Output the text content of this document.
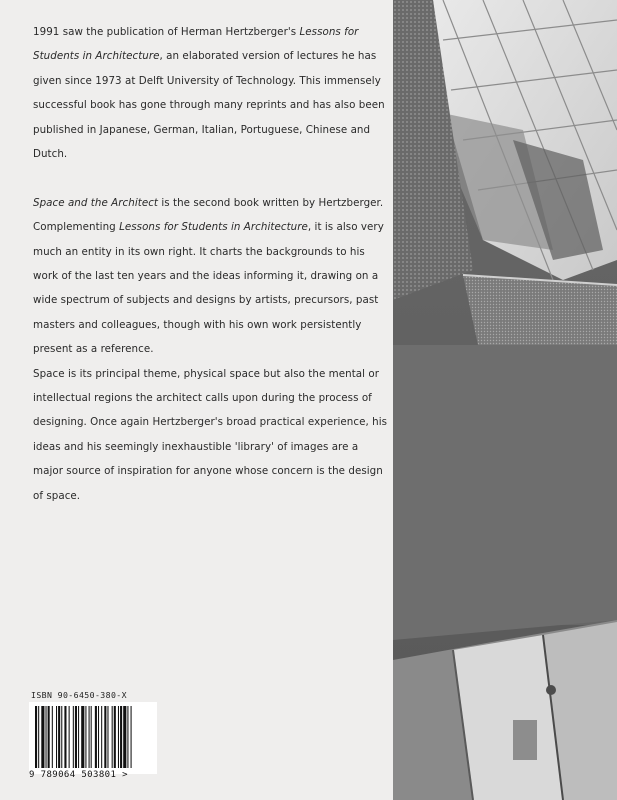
1991 saw the publication of Herman Hertzberger's Lessons for Students in Architecture, an elaborated version of lectures he has given since 1973 at Delft University of Technology. This immensely successful book has gone through many reprints and has also been published in Japanese, German, Italian, Portuguese, Chinese and Dutch.

Space and the Architect is the second book written by Hertzberger. Complementing Lessons for Students in Architecture, it is also very much an entity in its own right. It charts the backgrounds to his work of the last ten years and the ideas informing it, drawing on a wide spectrum of subjects and designs by artists, precursors, past masters and colleagues, though with his own work persistently present as a reference.

Space is its principal theme, physical space but also the mental or intellectual regions the architect calls upon during the process of designing. Once again Hertzberger's broad practical experience, his ideas and his seemingly inexhaustible 'library' of images are a major source of inspiration for anyone whose concern is the design of space.

ISBN 90-6450-380-X
9 789064 503801 >
